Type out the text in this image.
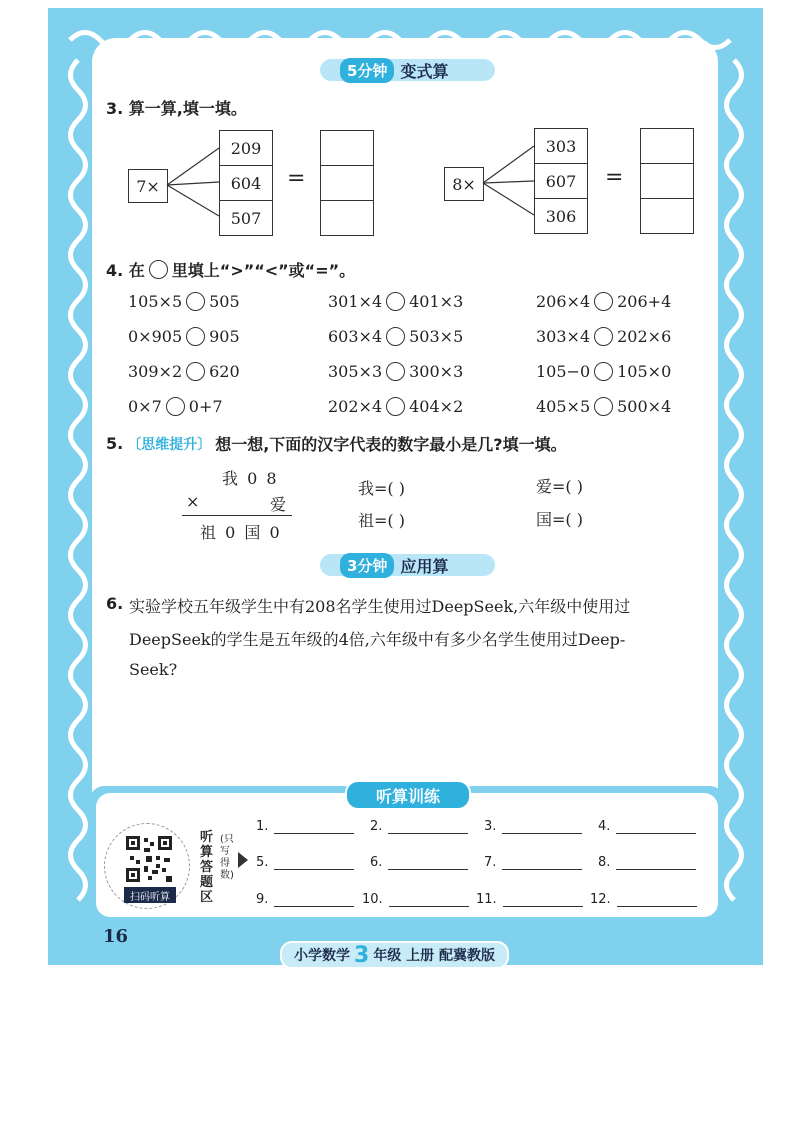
5分钟 变式算
3. 算一算,填一填。
7×
209
604
507
=	8×
303
607
306
=
4. 在 里填上“>”“<”或“=”。
105×5 505	301×4 401×3	206×4 206+4
0×905 905	603×4 503×5	303×4 202×6
309×2 620	305×3 300×3	105−0 105×0
0×7 0+7	202×4 404×2	405×5 500×4
5. 〔思维提升〕 想一想,下面的汉字代表的数字最小是几?填一填。
我 0 8
×	爱
祖 0 国 0
我=( )	爱=( )
祖=( )	国=( )
3分钟 应用算
6. 实验学校五年级学生中有208名学生使用过DeepSeek,六年级中使用过
DeepSeek的学生是五年级的4倍,六年级中有多少名学生使用过Deep-
Seek?
听算训练
扫码听算
听算答题区
(只写得数)
1.	2.	3.	4.
5.	6.	7.	8.
9.	10.	11.	12.
16
小学数学 3 年级 上册 配冀教版
